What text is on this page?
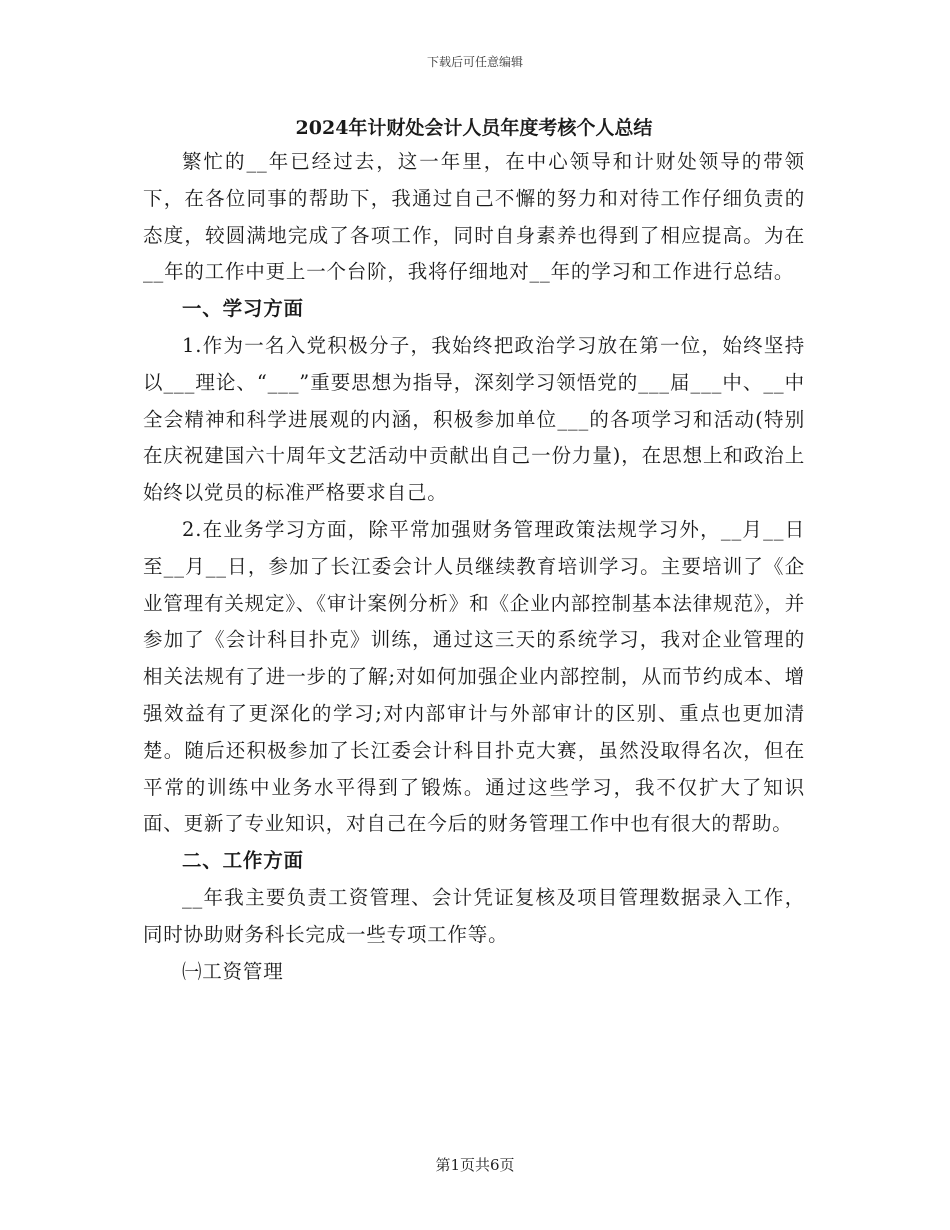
下载后可任意编辑

2024年计财处会计人员年度考核个人总结

繁忙的__年已经过去，这一年里，在中心领导和计财处领导的带领下，在各位同事的帮助下，我通过自己不懈的努力和对待工作仔细负责的态度，较圆满地完成了各项工作，同时自身素养也得到了相应提高。为在__年的工作中更上一个台阶，我将仔细地对__年的学习和工作进行总结。

一、学习方面

1.作为一名入党积极分子，我始终把政治学习放在第一位，始终坚持以___理论、“___”重要思想为指导，深刻学习领悟党的___届___中、__中全会精神和科学进展观的内涵，积极参加单位___的各项学习和活动(特别在庆祝建国六十周年文艺活动中贡献出自己一份力量)，在思想上和政治上始终以党员的标准严格要求自己。

2.在业务学习方面，除平常加强财务管理政策法规学习外，__月__日至__月__日，参加了长江委会计人员继续教育培训学习。主要培训了《企业管理有关规定》、《审计案例分析》和《企业内部控制基本法律规范》，并参加了《会计科目扑克》训练，通过这三天的系统学习，我对企业管理的相关法规有了进一步的了解;对如何加强企业内部控制，从而节约成本、增强效益有了更深化的学习;对内部审计与外部审计的区别、重点也更加清楚。随后还积极参加了长江委会计科目扑克大赛，虽然没取得名次，但在平常的训练中业务水平得到了锻炼。通过这些学习，我不仅扩大了知识面、更新了专业知识，对自己在今后的财务管理工作中也有很大的帮助。

二、工作方面

__年我主要负责工资管理、会计凭证复核及项目管理数据录入工作，同时协助财务科长完成一些专项工作等。

㈠工资管理

第1页共6页
